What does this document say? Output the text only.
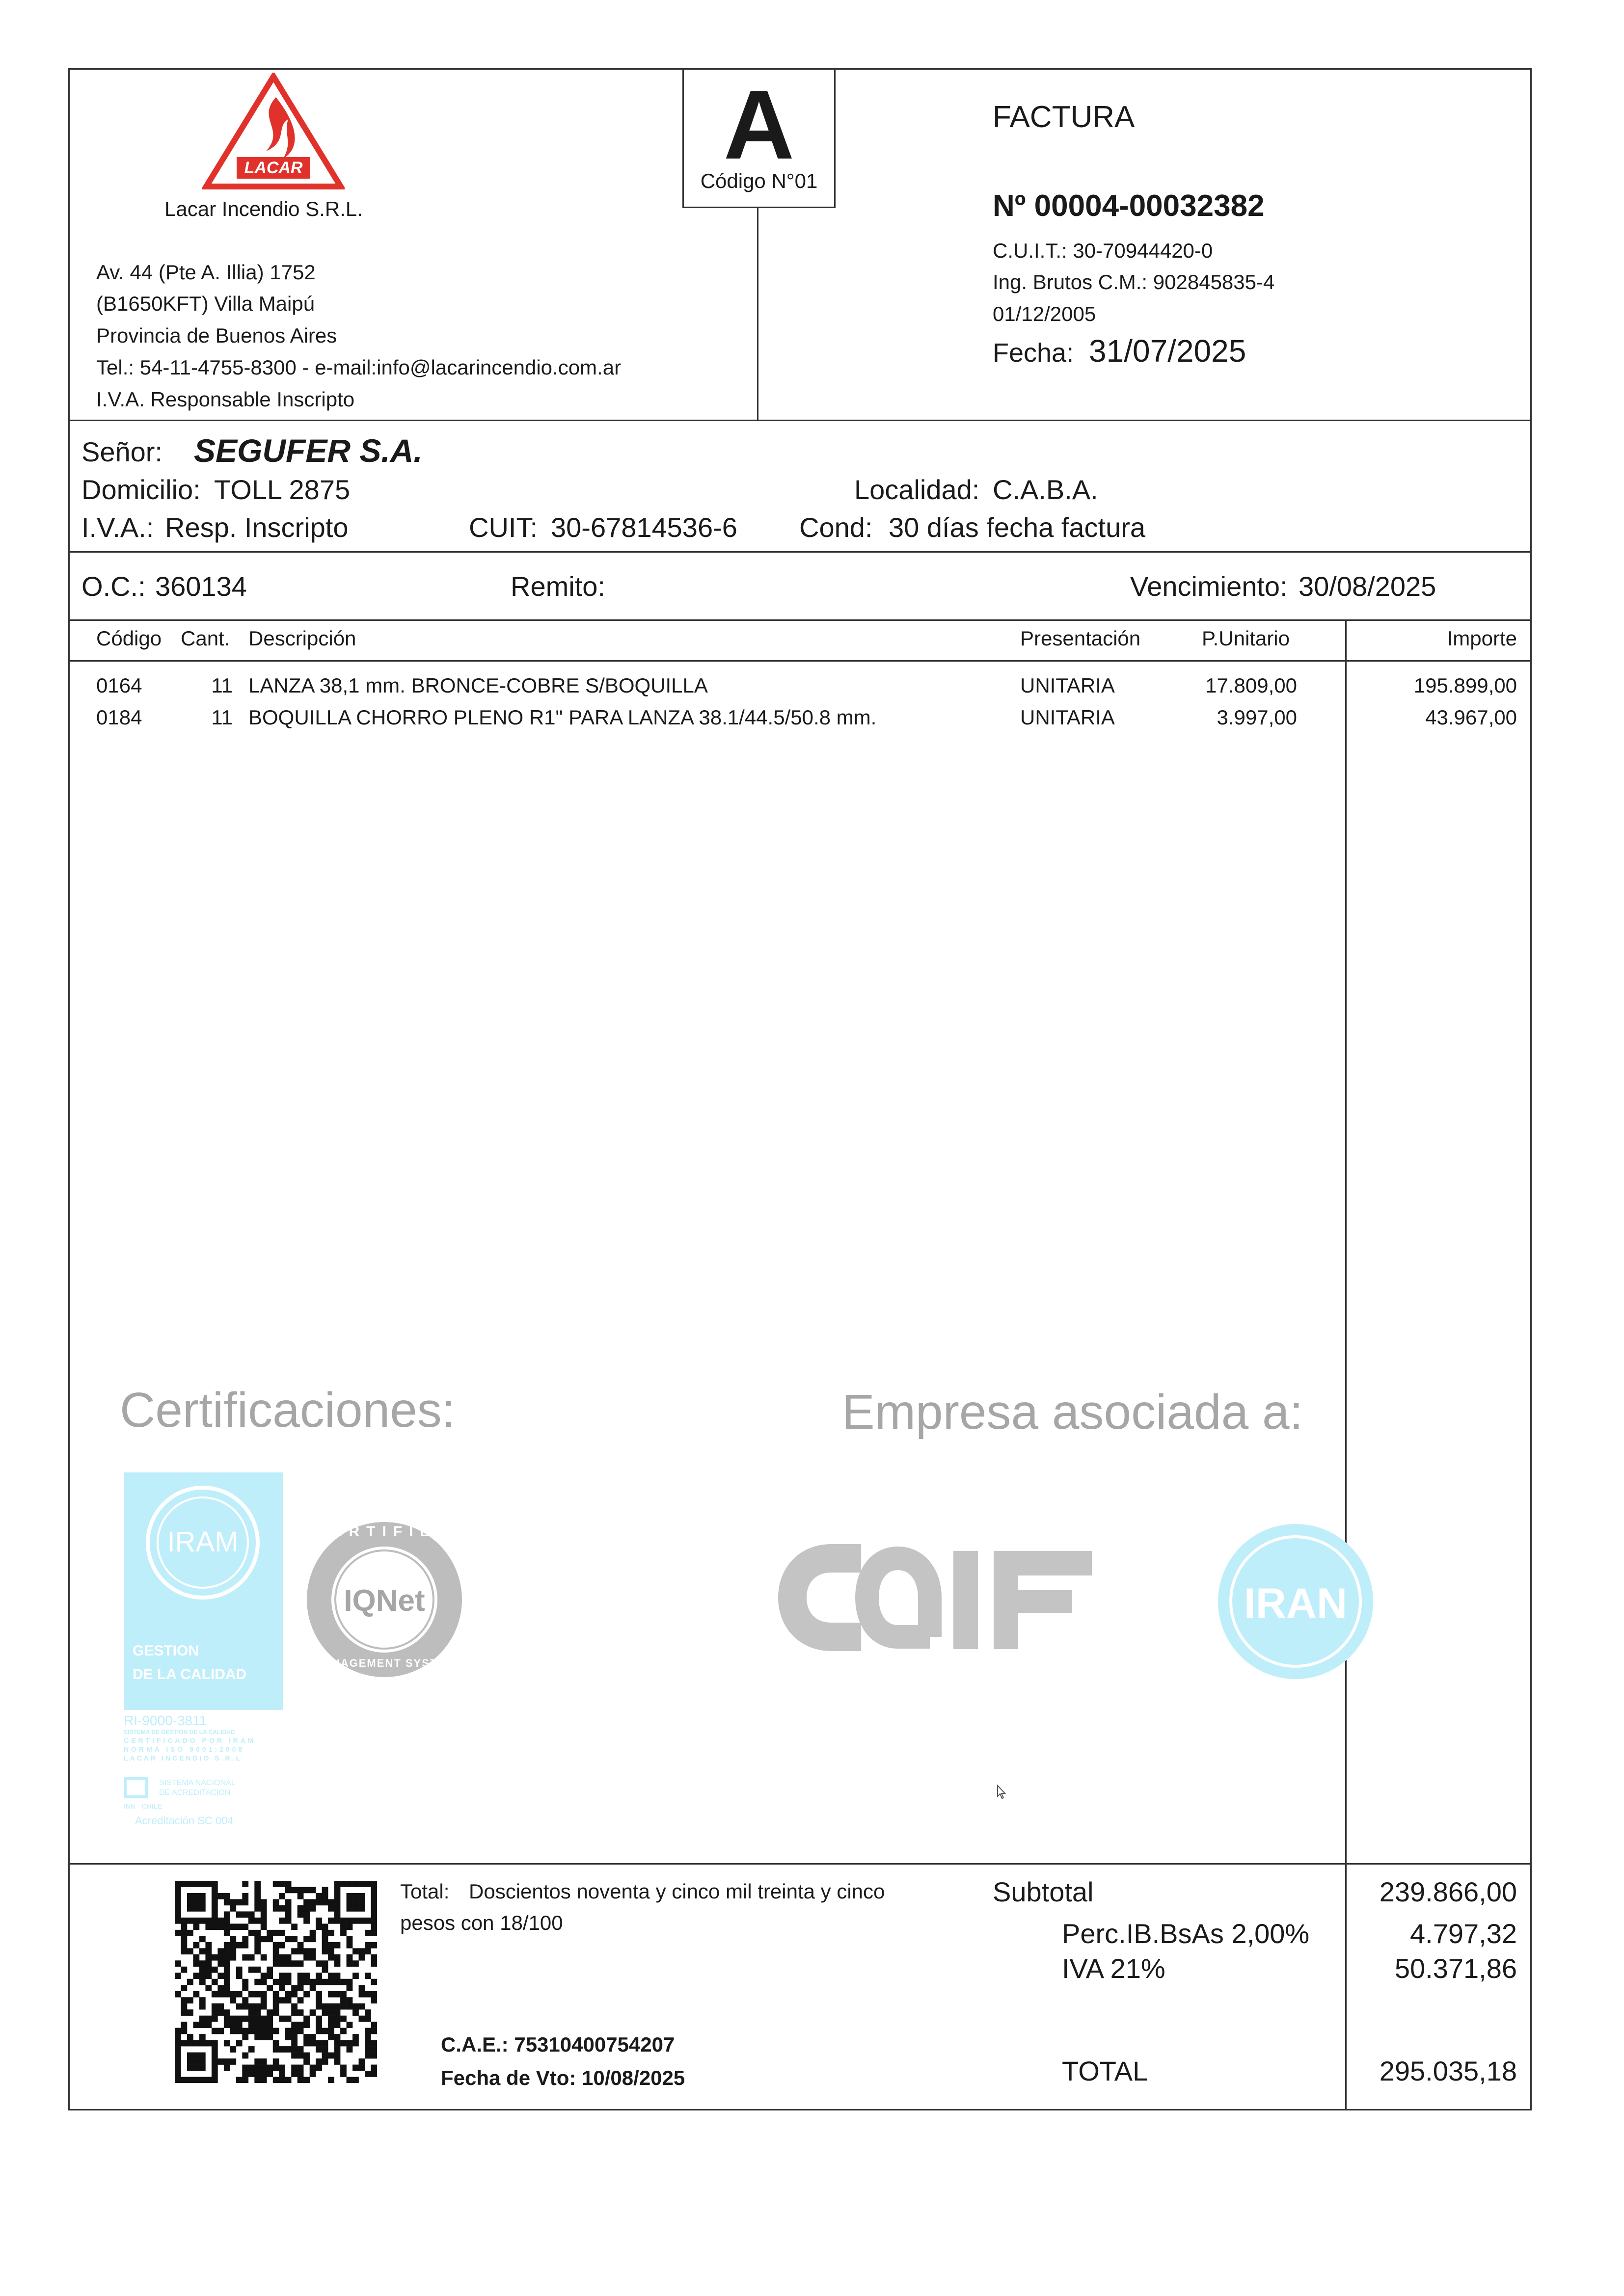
LACAR
Lacar Incendio S.R.L.
Av. 44 (Pte A. Illia) 1752
(B1650KFT) Villa Maipú
Provincia de Buenos Aires
Tel.: 54-11-4755-8300 - e-mail:info@lacarincendio.com.ar
I.V.A. Responsable Inscripto
A
Código N°01
FACTURA
Nº 00004-00032382
C.U.I.T.: 30-70944420-0
Ing. Brutos C.M.: 902845835-4
01/12/2005
Fecha: 31/07/2025
Señor: SEGUFER S.A.
Domicilio: TOLL 2875	Localidad: C.A.B.A.
I.V.A.: Resp. Inscripto	CUIT: 30-67814536-6 Cond: 30 días fecha factura
O.C.: 360134	Remito:	Vencimiento: 30/08/2025
Código Cant. Descripción	Presentación	P.Unitario	Importe
0164	11 LANZA 38,1 mm. BRONCE-COBRE S/BOQUILLA	UNITARIA	17.809,00	195.899,00
0184	11 BOQUILLA CHORRO PLENO R1" PARA LANZA 38.1/44.5/50.8 mm.	UNITARIA	3.997,00	43.967,00
Certificaciones:	Empresa asociada a:
IRAM
GESTION
DE LA CALIDAD
RI-9000-3811
SISTEMA DE GESTION DE LA CALIDAD
CERTIFICADO POR IRAM
NORMA ISO 9001:2008
LACAR INCENDIO S.R.L.
SISTEMA NACIONAL
DE ACREDITACION
INN - CHILE
Acreditación SC 004
CERTIFIED
IQNet
MANAGEMENT SYSTEM
IRAN
Total: Doscientos noventa y cinco mil treinta y cinco
pesos con 18/100
C.A.E.: 75310400754207
Fecha de Vto: 10/08/2025
Subtotal	239.866,00
Perc.IB.BsAs 2,00%	4.797,32
IVA 21%	50.371,86
TOTAL	295.035,18
